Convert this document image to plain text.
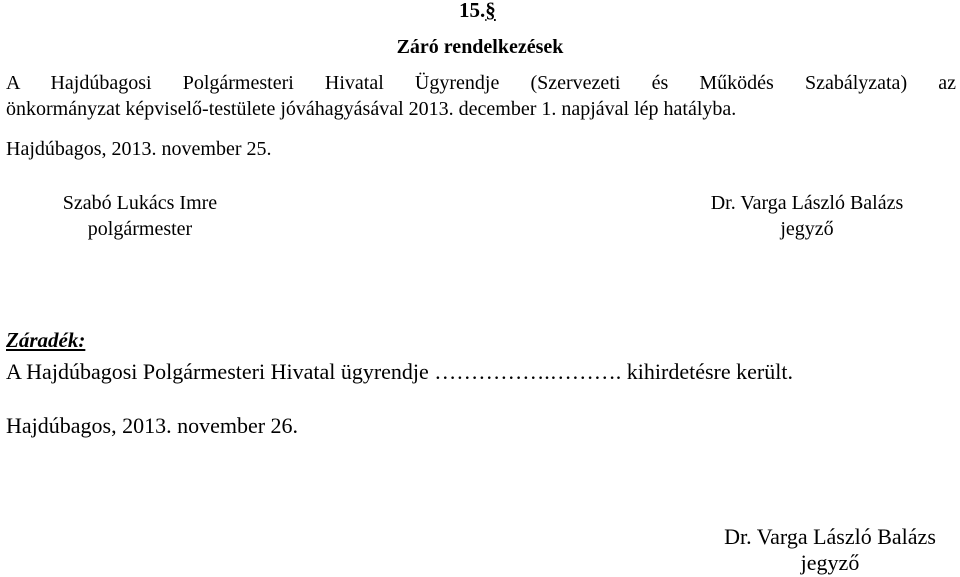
15.§
Záró rendelkezések
A Hajdúbagosi Polgármesteri Hivatal Ügyrendje (Szervezeti és Működés Szabályzata) az
önkormányzat képviselő-testülete jóváhagyásával 2013. december 1. napjával lép hatályba.
Hajdúbagos, 2013. november 25.
Szabó Lukács Imre
polgármester
Dr. Varga László Balázs
jegyző
Záradék:
A Hajdúbagosi Polgármesteri Hivatal ügyrendje …………….………. kihirdetésre került.
Hajdúbagos, 2013. november 26.
Dr. Varga László Balázs
jegyző
